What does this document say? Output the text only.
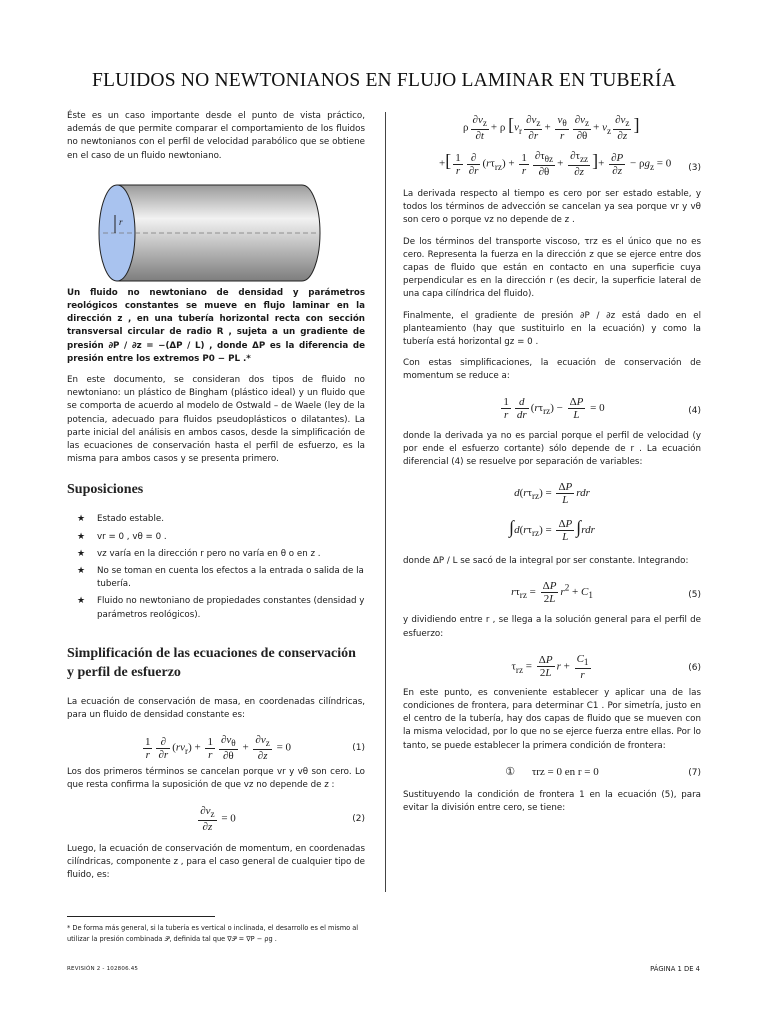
FLUIDOS NO NEWTONIANOS EN FLUJO LAMINAR EN TUBERÍA

Éste es un caso importante desde el punto de vista práctico, además de que permite comparar el comportamiento de los fluidos no newtonianos con el perfil de velocidad parabólico que se obtiene en el caso de un fluido newtoniano.

r

Un fluido no newtoniano de densidad y parámetros reológicos constantes se mueve en flujo laminar en la dirección z , en una tubería horizontal recta con sección transversal circular de radio R , sujeta a un gradiente de presión ∂P / ∂z = −(ΔP / L) , donde ΔP es la diferencia de presión entre los extremos P0 − PL .*

En este documento, se consideran dos tipos de fluido no newtoniano: un plástico de Bingham (plástico ideal) y un fluido que se comporta de acuerdo al modelo de Ostwald – de Waele (ley de la potencia, adecuado para fluidos pseudoplásticos o dilatantes). La parte inicial del análisis en ambos casos, desde la simplificación de las ecuaciones de conservación hasta el perfil de esfuerzo, es la misma para ambos casos y se presenta primero.

Suposiciones
★ Estado estable.
★ vr = 0 , vθ = 0 .
★ vz varía en la dirección r pero no varía en θ o en z .
★ No se toman en cuenta los efectos a la entrada o salida de la tubería.
★ Fluido no newtoniano de propiedades constantes (densidad y parámetros reológicos).
Simplificación de las ecuaciones de conservación y perfil de esfuerzo

La ecuación de conservación de masa, en coordenadas cilíndricas, para un fluido de densidad constante es:

$\frac{1}{r} \frac{\partial}{\partial r} (rv_r) + \frac{1}{r} \frac{\partial v_\theta}{\partial\theta} + \frac{\partial v_z}{\partial z} = 0$	(1)

Los dos primeros términos se cancelan porque vr y vθ son cero. Lo que resta confirma la suposición de que vz no depende de z :

$\frac{\partial v_z}{\partial z} = 0$	(2)

Luego, la ecuación de conservación de momentum, en coordenadas cilíndricas, componente z , para el caso general de cualquier tipo de fluido, es:

ρ $\frac{\partial v_z}{\partial t} + \rho$ [$v_r \frac{\partial v_z}{\partial r} + \frac{v_\theta}{r} \frac{\partial v_z}{\partial\theta} + v_z \frac{\partial v_z}{\partial z}$ ]
+[ $\frac{1}{r} \frac{\partial}{\partial r} (r\tau_{rz}) + \frac{1}{r} \frac{\partial\tau_{\theta z}}{\partial\theta} + \frac{\partial\tau_{zz}}{\partial z}$ ]+ $\frac{\partial P}{\partial z} - \rho g_z = 0$ (3)

La derivada respecto al tiempo es cero por ser estado estable, y todos los términos de advección se cancelan ya sea porque vr y vθ son cero o porque vz no depende de z .

De los términos del transporte viscoso, τrz es el único que no es cero. Representa la fuerza en la dirección z que se ejerce entre dos capas de fluido que están en contacto en una superficie cuya perpendicular es en la dirección r (es decir, la superficie lateral de una capa cilíndrica del fluido).

Finalmente, el gradiente de presión ∂P / ∂z está dado en el planteamiento (hay que sustituirlo en la ecuación) y como la tubería está horizontal gz = 0 .

Con estas simplificaciones, la ecuación de conservación de momentum se reduce a:

$\frac{1}{r} \frac{d}{dr} (r\tau_{rz}) - \frac{\Delta P}{L} = 0$	(4)

donde la derivada ya no es parcial porque el perfil de velocidad (y por ende el esfuerzo cortante) sólo depende de r . La ecuación diferencial (4) se resuelve por separación de variables:

$d(r\tau_{rz}) = \frac{\Delta P}{L}$ rdr
$\int d(r\tau_{rz}) = \frac{\Delta P}{L} \int rdr$

donde ΔP / L se sacó de la integral por ser constante. Integrando:

$r\tau_{rz} = \frac{\Delta P}{2L} r^2 + C_1$	(5)

y dividiendo entre r , se llega a la solución general para el perfil de esfuerzo:

$\tau_{rz} = \frac{\Delta P}{2L}$ $r + \frac{C_1}{r}$	(6)

En este punto, es conveniente establecer y aplicar una de las condiciones de frontera, para determinar C1 . Por simetría, justo en el centro de la tubería, hay dos capas de fluido que se mueven con la misma velocidad, por lo que no se ejerce fuerza entre ellas. Por lo tanto, se puede establecer la primera condición de frontera:

① τrz = 0 en r = 0	(7)

Sustituyendo la condición de frontera 1 en la ecuación (5), para evitar la división entre cero, se tiene:

* De forma más general, si la tubería es vertical o inclinada, el desarrollo es el mismo al utilizar la presión combinada 𝒫, definida tal que ∇𝒫 = ∇P − ρg .
REVISIÓN 2 - 102806.45	PÁGINA 1 DE 4
